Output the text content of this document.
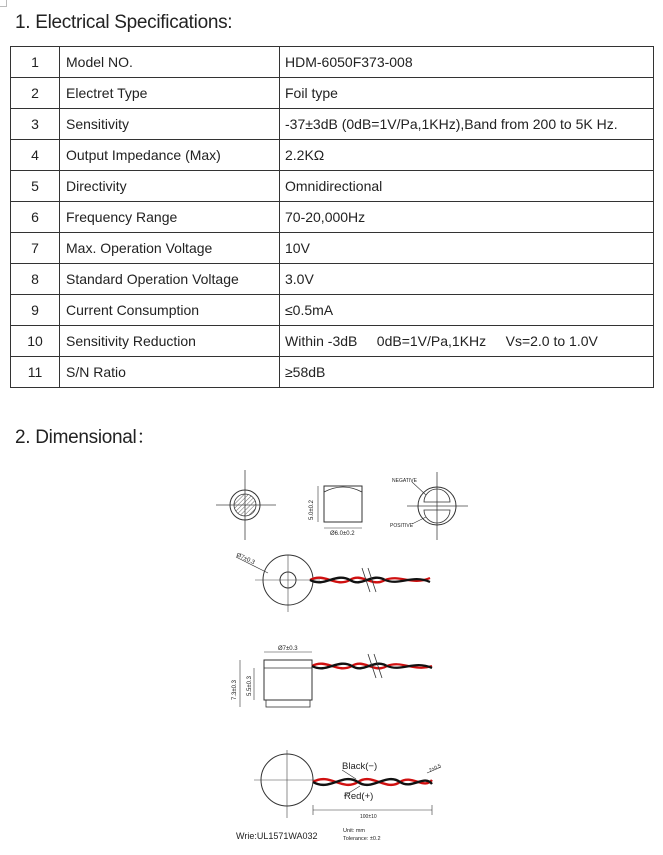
1. Electrical Specifications:
1	Model NO.	HDM-6050F373-008
2	Electret Type	Foil type
3	Sensitivity	-37±3dB (0dB=1V/Pa,1KHz),Band from 200 to 5K Hz.
4	Output Impedance (Max)	2.2KΩ
5	Directivity	Omnidirectional
6	Frequency Range	70-20,000Hz
7	Max. Operation Voltage	10V
8	Standard Operation Voltage	3.0V
9	Current Consumption	≤0.5mA
10	Sensitivity Reduction	Within -3dB     0dB=1V/Pa,1KHz     Vs=2.0 to 1.0V
11	S/N Ratio	≥58dB
2. Dimensional：
5.0±0.2
Ø6.0±0.2
NEGATIVE
POSITIVE
Ø7±0.3
Ø7±0.3
7.3±0.3 5.5±0.3
Black(−)
Red(+)
2±0.5
100±10
Wrie:UL1571WA032	Unit: mm
Tolerance: ±0.2
